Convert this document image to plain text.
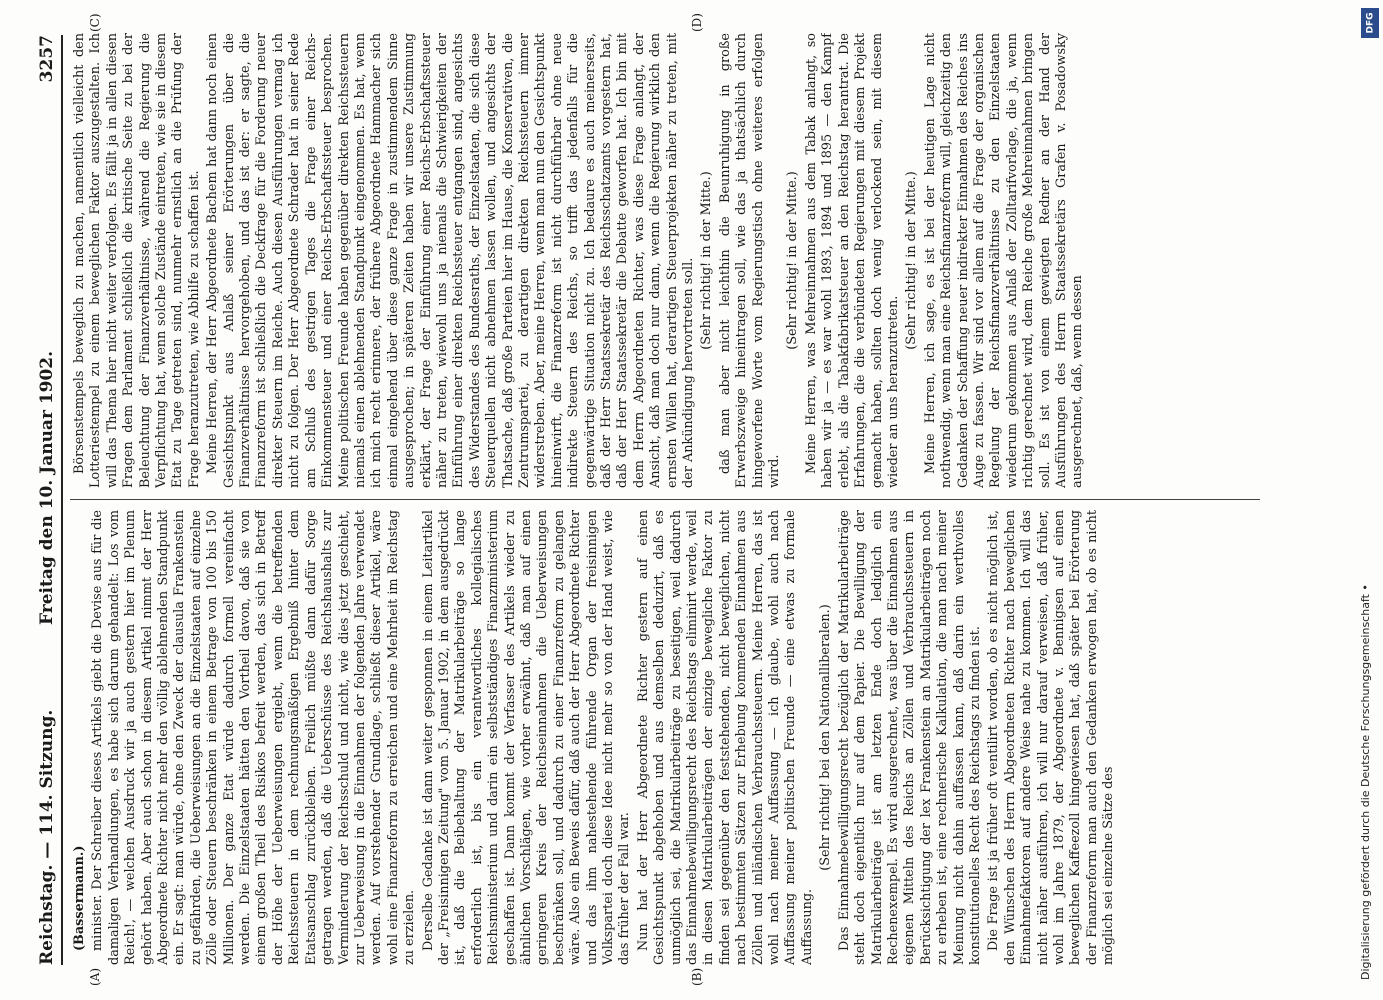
Reichstag. — 114. Sitzung.
Freitag den 10. Januar 1902.
3257
(A)	(B)
(C)	(D)

(Bassermann.) minister. Der Schreiber dieses Artikels giebt die Devise aus für die damaligen Verhandlungen, es habe sich darum gehandelt: Los vom Reich!, — welchen Ausdruck wir ja auch gestern hier im Plenum gehört haben. Aber auch schon in diesem Artikel nimmt der Herr Abgeordnete Richter nicht mehr den völlig ablehnenden Standpunkt ein. Er sagt: man würde, ohne den Zweck der clausula Frankenstein zu gefährden, die Ueberweisungen an die Einzelstaaten auf einzelne Zölle oder Steuern beschränken in einem Betrage von 100 bis 150 Millionen. Der ganze Etat würde dadurch formell vereinfacht werden. Die Einzelstaaten hätten den Vortheil davon, daß sie von einem großen Theil des Risikos befreit werden, das sich in Betreff der Höhe der Ueberweisungen ergiebt, wenn die betreffenden Reichssteuern in dem rechnungsmäßigen Ergebniß hinter dem Etatsanschlag zurückbleiben. Freilich müßte dann dafür Sorge getragen werden, daß die Ueberschüsse des Reichshaushalts zur Verminderung der Reichsschuld und nicht, wie dies jetzt geschieht, zur Ueberweisung in die Einnahmen der folgenden Jahre verwendet werden. Auf vorstehender Grundlage, schließt dieser Artikel, wäre wohl eine Finanzreform zu erreichen und eine Mehrheit im Reichstag zu erzielen. Derselbe Gedanke ist dann weiter gesponnen in einem Leitartikel der „Freisinnigen Zeitung" vom 5. Januar 1902, in dem ausgedrückt ist, daß die Beibehaltung der Matrikularbeiträge so lange erforderlich ist, bis ein verantwortliches kollegialisches Reichsministerium und darin ein selbstständiges Finanzministerium geschaffen ist. Dann kommt der Verfasser des Artikels wieder zu ähnlichen Vorschlägen, wie vorher erwähnt, daß man auf einen geringeren Kreis der Reichseinnahmen die Ueberweisungen beschränken soll, und dadurch zu einer Finanzreform zu gelangen wäre. Also ein Beweis dafür, daß auch der Herr Abgeordnete Richter und das ihm nahestehende führende Organ der freisinnigen Volkspartei doch diese Idee nicht mehr so von der Hand weist, wie das früher der Fall war. Nun hat der Herr Abgeordnete Richter gestern auf einen Gesichtspunkt abgehoben und aus demselben deduzirt, daß es unmöglich sei, die Matrikularbeiträge zu beseitigen, weil dadurch das Einnahmebewilligungsrecht des Reichstags eliminirt werde, weil in diesen Matrikularbeiträgen der einzige bewegliche Faktor zu finden sei gegenüber den feststehenden, nicht beweglichen, nicht nach bestimmten Sätzen zur Erhebung kommenden Einnahmen aus Zöllen und inländischen Verbrauchssteuern. Meine Herren, das ist wohl nach meiner Auffassung — ich glaube, wohl auch nach Auffassung meiner politischen Freunde — eine etwas zu formale Auffassung.

(Sehr richtig! bei den Nationalliberalen.) Das Einnahmebewilligungsrecht bezüglich der Matrikularbeiträge steht doch eigentlich nur auf dem Papier. Die Bewilligung der Matrikularbeiträge ist am letzten Ende doch lediglich ein Rechenexempel. Es wird ausgerechnet, was über die Einnahmen aus eigenen Mitteln des Reichs an Zöllen und Verbrauchssteuern in Berücksichtigung der lex Frankenstein an Matrikularbeiträgen noch zu erheben ist, eine rechnerische Kalkulation, die man nach meiner Meinung nicht dahin auffassen kann, daß darin ein werthvolles konstitutionelles Recht des Reichstags zu finden ist. Die Frage ist ja früher oft ventilirt worden, ob es nicht möglich ist, den Wünschen des Herrn Abgeordneten Richter nach beweglichen Einnahmefaktoren auf andere Weise nahe zu kommen. Ich will das nicht näher ausführen, ich will nur darauf verweisen, daß früher, wohl im Jahre 1879, der Abgeordnete v. Bennigsen auf einen beweglichen Kaffeezoll hingewiesen hat, daß später bei Erörterung der Finanzreform man auch den Gedanken erwogen hat, ob es nicht möglich sei einzelne Sätze des

Börsenstempels beweglich zu machen, namentlich vielleicht den Lotteriestempel zu einem beweglichen Faktor auszugestalten. Ich will das Thema hier nicht weiter verfolgen. Es fällt ja in allen diesen Fragen dem Parlament schließlich die kritische Seite zu bei der Beleuchtung der Finanzverhältnisse, während die Regierung die Verpflichtung hat, wenn solche Zustände eintreten, wie sie in diesem Etat zu Tage getreten sind, nunmehr ernstlich an die Prüfung der Frage heranzutreten, wie Abhilfe zu schaffen ist. Meine Herren, der Herr Abgeordnete Bachem hat dann noch einen Gesichtspunkt aus Anlaß seiner Erörterungen über die Finanzverhältnisse hervorgehoben, und das ist der: er sagte, die Finanzreform ist schließlich die Deckfrage für die Forderung neuer direkter Steuern im Reiche. Auch diesen Ausführungen vermag ich nicht zu folgen. Der Herr Abgeordnete Schrader hat in seiner Rede am Schluß des gestrigen Tages die Frage einer Reichs-Einkommensteuer und einer Reichs-Erbschaftssteuer besprochen. Meine politischen Freunde haben gegenüber direkten Reichssteuern niemals einen ablehnenden Standpunkt eingenommen. Es hat, wenn ich mich recht erinnere, der frühere Abgeordnete Hammacher sich einmal eingehend über diese ganze Frage in zustimmendem Sinne ausgesprochen; in späteren Zeiten haben wir unsere Zustimmung erklärt, der Frage der Einführung einer Reichs-Erbschaftssteuer näher zu treten, wiewohl uns ja niemals die Schwierigkeiten der Einführung einer direkten Reichssteuer entgangen sind, angesichts des Widerstandes des Bundesraths, der Einzelstaaten, die sich diese Steuerquellen nicht abnehmen lassen wollen, und angesichts der Thatsache, daß große Parteien hier im Hause, die Konservativen, die Zentrumspartei, zu derartigen direkten Reichssteuern immer widerstreben. Aber, meine Herren, wenn man nun den Gesichtspunkt hineinwirft, die Finanzreform ist nicht durchführbar ohne neue indirekte Steuern des Reichs, so trifft das jedenfalls für die gegenwärtige Situation nicht zu. Ich bedaure es auch meinerseits, daß der Herr Staatssekretär des Reichsschatzamts vorgestern hat, daß der Herr Staatssekretär die Debatte geworfen hat. Ich bin mit dem Herrn Abgeordneten Richter, was diese Frage anlangt, der Ansicht, daß man doch nur dann, wenn die Regierung wirklich den ernsten Willen hat, derartigen Steuerprojekten näher zu treten, mit der Ankündigung hervortreten soll. (Sehr richtig! in der Mitte.) daß man aber nicht leichthin die Beunruhigung in große Erwerbszweige hineintragen soll, wie das ja thatsächlich durch hingeworfene Worte vom Regierungstisch ohne weiteres erfolgen wird.

(Sehr richtig! in der Mitte.) Meine Herren, was Mehreinnahmen aus dem Tabak anlangt, so haben wir ja — es war wohl 1893, 1894 und 1895 — den Kampf erlebt, als die Tabakfabrikatsteuer an den Reichstag herantrat. Die Erfahrungen, die die verbündeten Regierungen mit diesem Projekt gemacht haben, sollten doch wenig verlockend sein, mit diesem wieder an uns heranzutreten.

(Sehr richtig! in der Mitte.) Meine Herren, ich sage, es ist bei der heutigen Lage nicht nothwendig, wenn man eine Reichsfinanzreform will, gleichzeitig den Gedanken der Schaffung neuer indirekter Einnahmen des Reiches ins Auge zu fassen. Wir sind vor allem auf die Frage der organischen Regelung der Reichsfinanzverhältnisse zu den Einzelstaaten wiederum gekommen aus Anlaß der Zolltarifvorlage, die ja, wenn richtig gerechnet wird, dem Reiche große Mehreinnahmen bringen soll. Es ist von einem gewiegten Redner an der Hand der Ausführungen des Herrn Staatssekretärs Grafen v. Posadowsky ausgerechnet, daß, wenn dessen

Digitalisierung gefördert durch die Deutsche Forschungsgemeinschaft •
DFG
